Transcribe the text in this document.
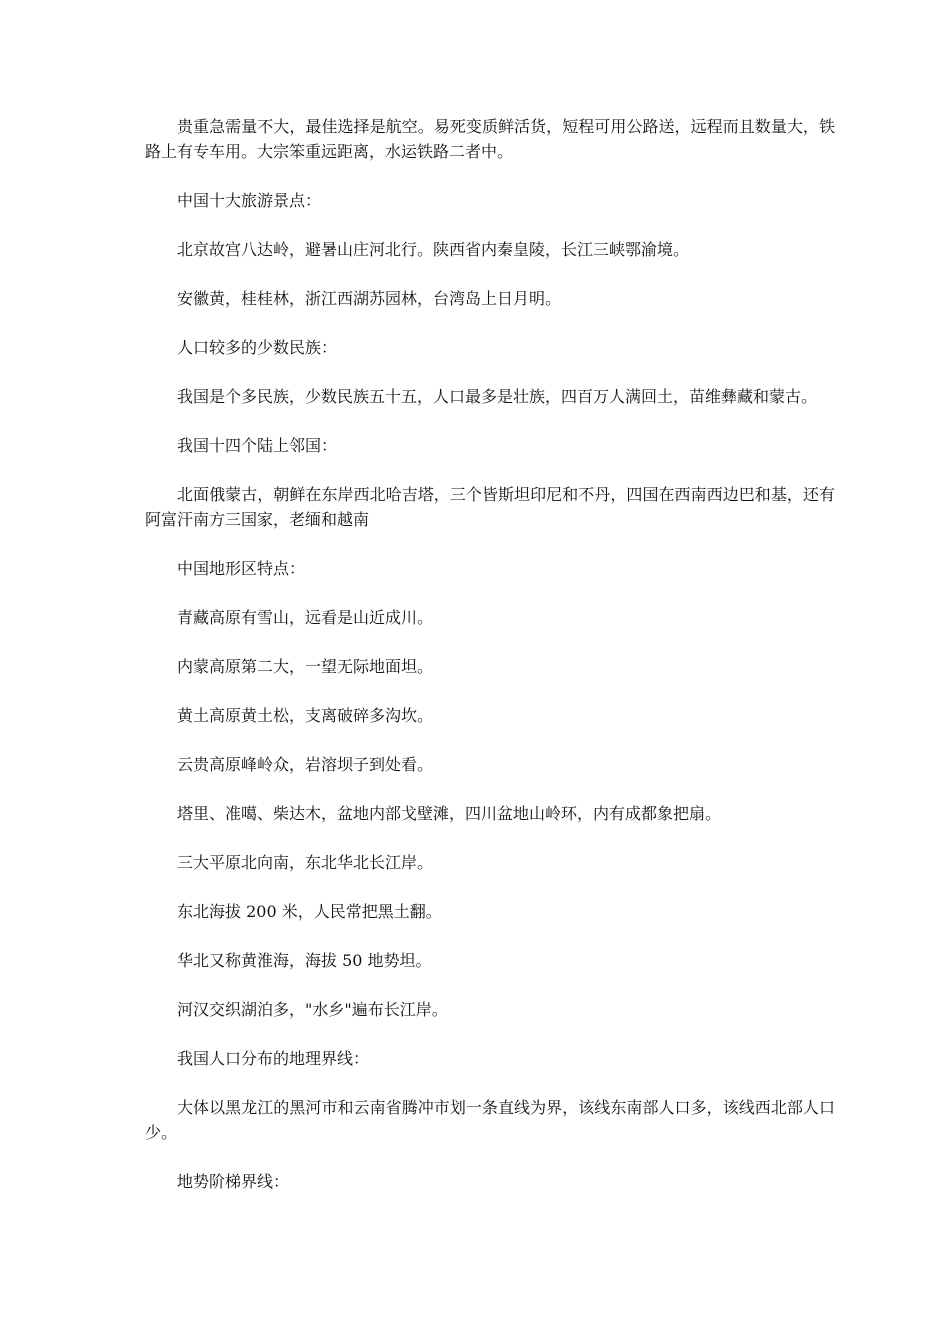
贵重急需量不大，最佳选择是航空。易死变质鲜活货，短程可用公路送，远程而且数量大，铁路上有专车用。大宗笨重远距离，水运铁路二者中。

中国十大旅游景点：

北京故宫八达岭，避暑山庄河北行。陕西省内秦皇陵，长江三峡鄂渝境。

安徽黄，桂桂林，浙江西湖苏园林，台湾岛上日月明。

人口较多的少数民族：

我国是个多民族，少数民族五十五，人口最多是壮族，四百万人满回土，苗维彝藏和蒙古。

我国十四个陆上邻国：

北面俄蒙古，朝鲜在东岸西北哈吉塔，三个皆斯坦印尼和不丹，四国在西南西边巴和基，还有阿富汗南方三国家，老缅和越南

中国地形区特点：

青藏高原有雪山，远看是山近成川。

内蒙高原第二大，一望无际地面坦。

黄土高原黄土松，支离破碎多沟坎。

云贵高原峰岭众，岩溶坝子到处看。

塔里、准噶、柴达木，盆地内部戈壁滩，四川盆地山岭环，内有成都象把扇。

三大平原北向南，东北华北长江岸。

东北海拔 200 米，人民常把黑土翻。

华北又称黄淮海，海拔 50 地势坦。

河汉交织湖泊多，"水乡"遍布长江岸。

我国人口分布的地理界线：

大体以黑龙江的黑河市和云南省腾冲市划一条直线为界，该线东南部人口多，该线西北部人口少。

地势阶梯界线：
